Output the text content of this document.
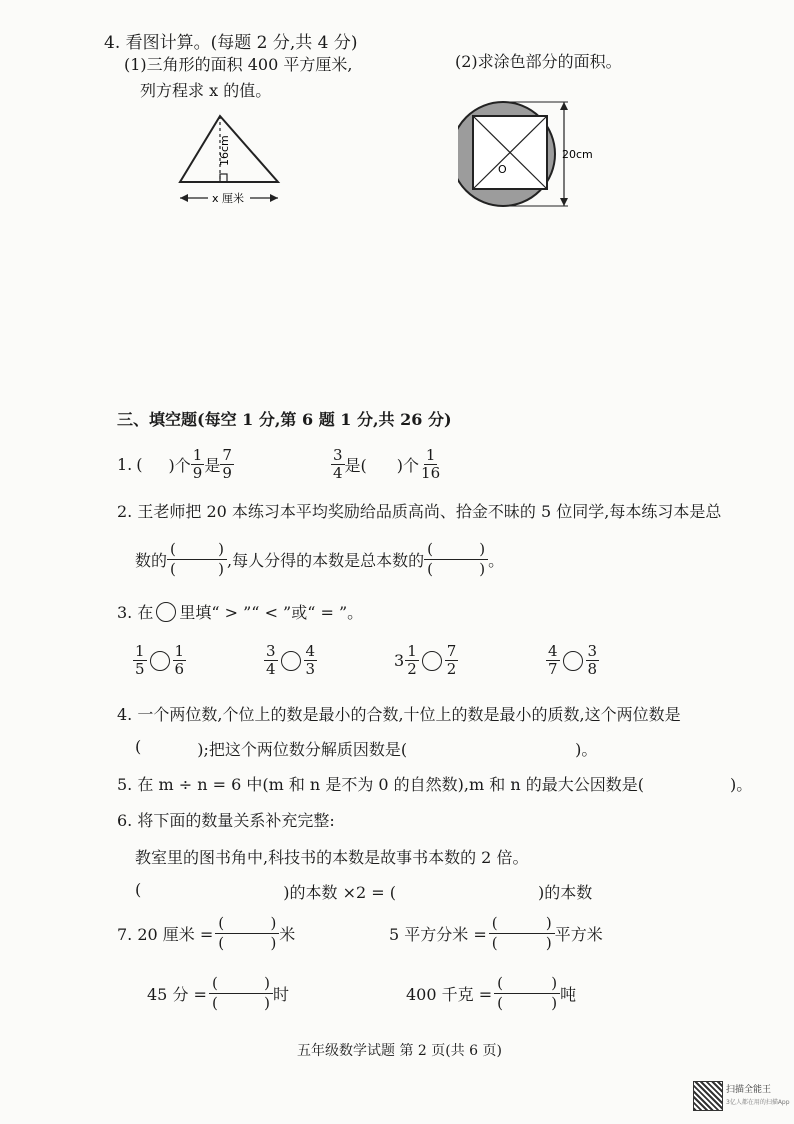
4. 看图计算。(每题 2 分,共 4 分)
(1)三角形的面积 400 平方厘米,
列方程求 x 的值。
(2)求涂色部分的面积。
16cm
x 厘米
O
20cm
三、填空题(每空 1 分,第 6 题 1 分,共 26 分)
1. ( )个 $\frac{1}{9}$ 是 $\frac{7}{9}$	$\frac{3}{4}$ 是( )个 $\frac{1}{16}$
2. 王老师把 20 本练习本平均奖励给品质高尚、拾金不昧的 5 位同学,每本练习本是总
数的 (	)
(	) ,每人分得的本数是总本数的 (	)
(	) 。
3. 在 里填“ > ”“ < ”或“ = ”。
$\frac{1}{5} \frac{1}{6}$	$\frac{3}{4} \frac{4}{3}$	$3 \frac{1}{2} \frac{7}{2}$	$\frac{4}{7} \frac{3}{8}$
4. 一个两位数,个位上的数是最小的合数,十位上的数是最小的质数,这个两位数是
(	);把这个两位数分解质因数是(	)。
5. 在 m ÷ n = 6 中(m 和 n 是不为 0 的自然数),m 和 n 的最大公因数是(	)。
6. 将下面的数量关系补充完整:
教室里的图书角中,科技书的本数是故事书本数的 2 倍。
(	)的本数 ×2 = (	)的本数
7. 20 厘米 = (	)
(	) 米	5 平方分米 = (	)
(	) 平方米
45 分 = (	)
(	) 时	400 千克 = (	)
(	) 吨
五年级数学试题 第 2 页(共 6 页)
扫描全能王
3亿人都在用的扫描App
